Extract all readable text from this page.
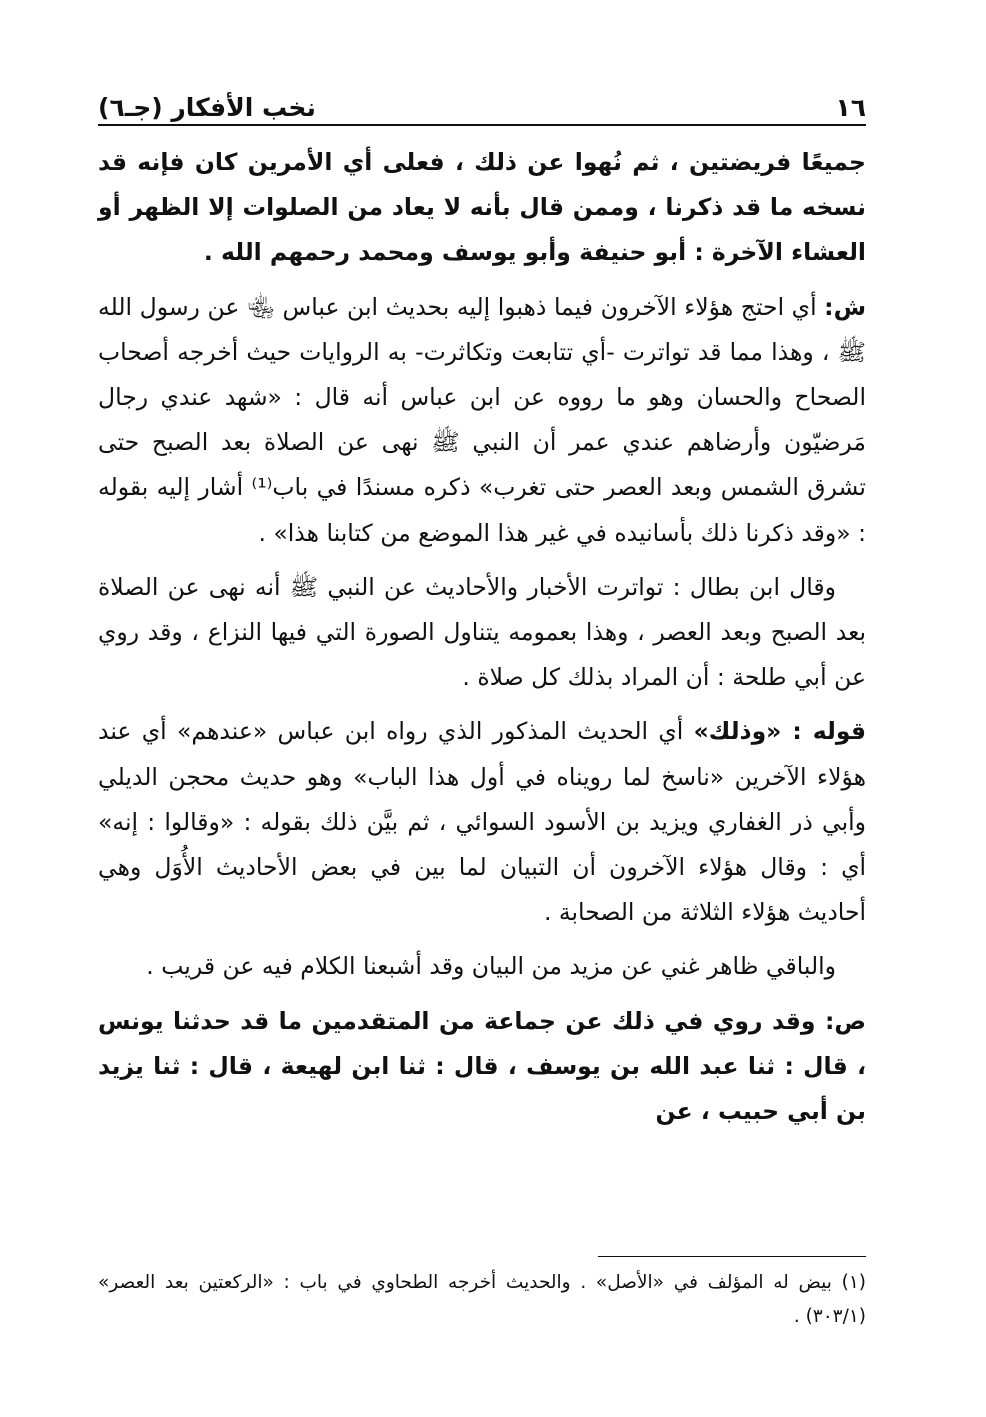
١٦
نخب الأفكار (جـ٦)

جميعًا فريضتين ، ثم نُهوا عن ذلك ، فعلى أي الأمرين كان فإنه قد نسخه ما قد ذكرنا ، وممن قال بأنه لا يعاد من الصلوات إلا الظهر أو العشاء الآخرة : أبو حنيفة وأبو يوسف ومحمد رحمهم الله .

ش: أي احتج هؤلاء الآخرون فيما ذهبوا إليه بحديث ابن عباس ﵄ عن رسول الله ﷺ ، وهذا مما قد تواترت -أي تتابعت وتكاثرت- به الروايات حيث أخرجه أصحاب الصحاح والحسان وهو ما رووه عن ابن عباس أنه قال : «شهد عندي رجال مَرضيّون وأرضاهم عندي عمر أن النبي ﷺ نهى عن الصلاة بعد الصبح حتى تشرق الشمس وبعد العصر حتى تغرب» ذكره مسندًا في باب⁽¹⁾ أشار إليه بقوله : «وقد ذكرنا ذلك بأسانيده في غير هذا الموضع من كتابنا هذا» .

وقال ابن بطال : تواترت الأخبار والأحاديث عن النبي ﷺ أنه نهى عن الصلاة بعد الصبح وبعد العصر ، وهذا بعمومه يتناول الصورة التي فيها النزاع ، وقد روي عن أبي طلحة : أن المراد بذلك كل صلاة .

قوله : «وذلك» أي الحديث المذكور الذي رواه ابن عباس «عندهم» أي عند هؤلاء الآخرين «ناسخ لما رويناه في أول هذا الباب» وهو حديث محجن الديلي وأبي ذر الغفاري ويزيد بن الأسود السوائي ، ثم بيَّن ذلك بقوله : «وقالوا : إنه» أي : وقال هؤلاء الآخرون أن التبيان لما بين في بعض الأحاديث الأُوَل وهي أحاديث هؤلاء الثلاثة من الصحابة .

والباقي ظاهر غني عن مزيد من البيان وقد أشبعنا الكلام فيه عن قريب .

ص: وقد روي في ذلك عن جماعة من المتقدمين ما قد حدثنا يونس ، قال : ثنا عبد الله بن يوسف ، قال : ثنا ابن لهيعة ، قال : ثنا يزيد بن أبي حبيب ، عن

(١) بيض له المؤلف في «الأصل» . والحديث أخرجه الطحاوي في باب : «الركعتين بعد العصر» (٣٠٣/١) .
